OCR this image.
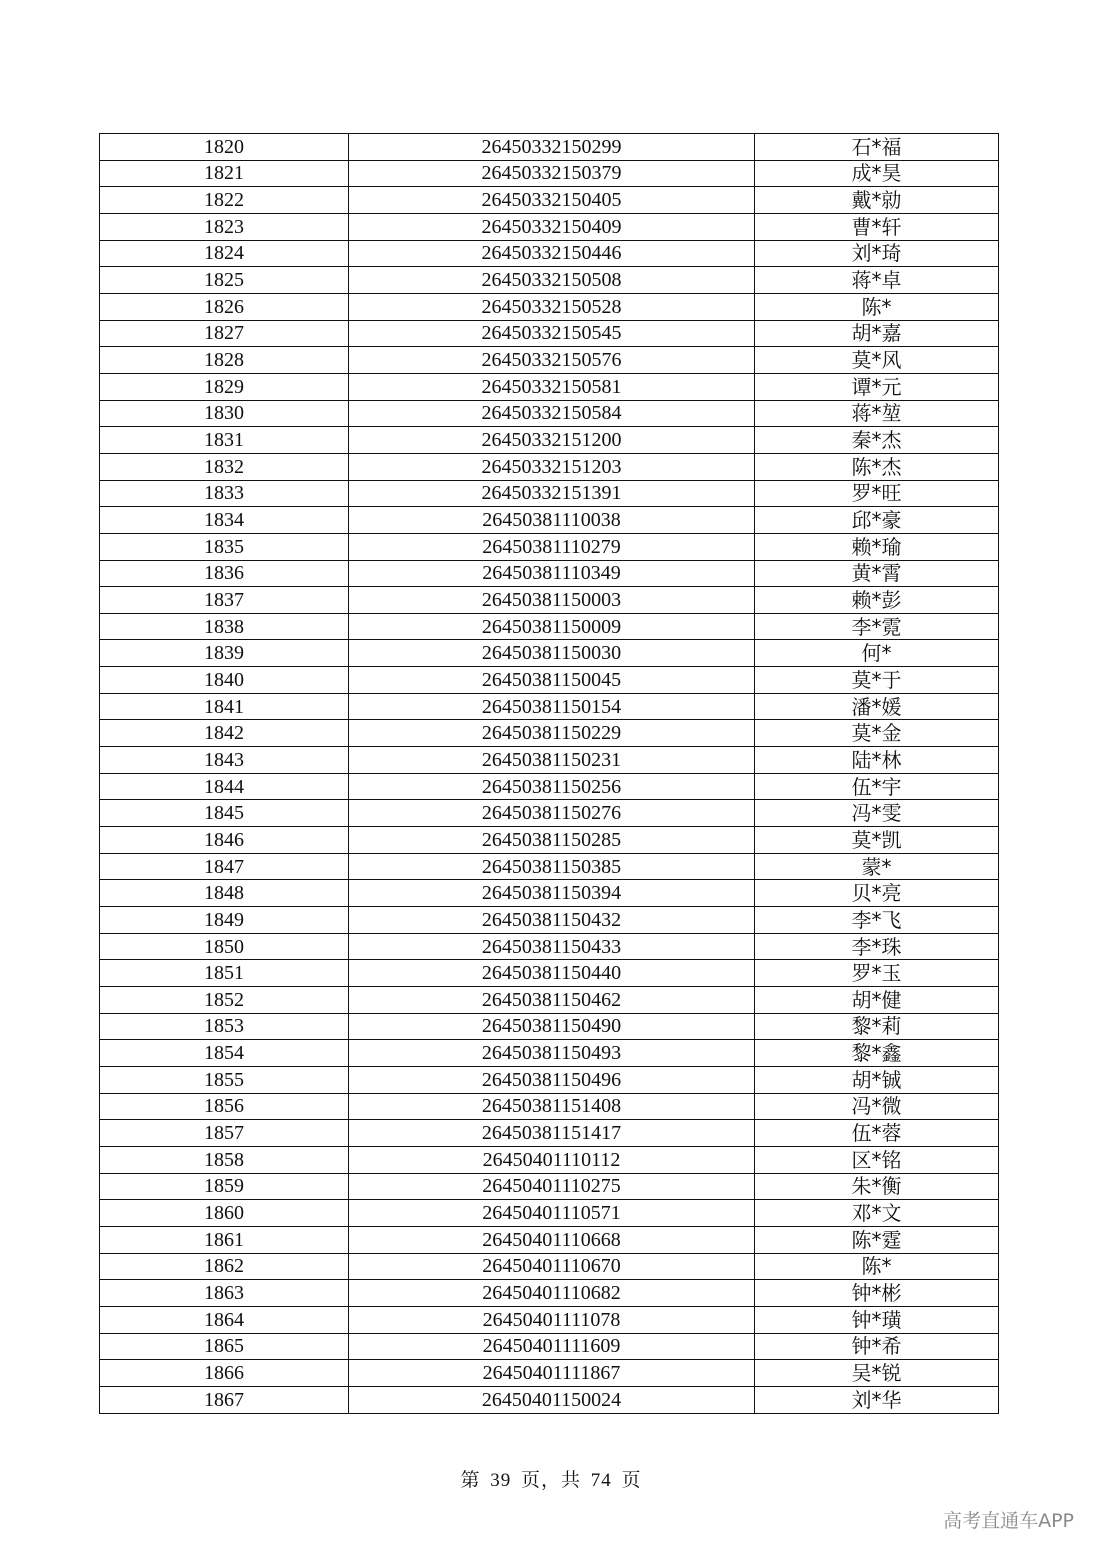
1820	26450332150299	石*福
1821	26450332150379	成*昊
1822	26450332150405	戴*勍
1823	26450332150409	曹*轩
1824	26450332150446	刘*琦
1825	26450332150508	蒋*卓
1826	26450332150528	陈*
1827	26450332150545	胡*嘉
1828	26450332150576	莫*风
1829	26450332150581	谭*元
1830	26450332150584	蒋*堃
1831	26450332151200	秦*杰
1832	26450332151203	陈*杰
1833	26450332151391	罗*旺
1834	26450381110038	邱*豪
1835	26450381110279	赖*瑜
1836	26450381110349	黄*霄
1837	26450381150003	赖*彭
1838	26450381150009	李*霓
1839	26450381150030	何*
1840	26450381150045	莫*于
1841	26450381150154	潘*媛
1842	26450381150229	莫*金
1843	26450381150231	陆*林
1844	26450381150256	伍*宇
1845	26450381150276	冯*雯
1846	26450381150285	莫*凯
1847	26450381150385	蒙*
1848	26450381150394	贝*亮
1849	26450381150432	李*飞
1850	26450381150433	李*珠
1851	26450381150440	罗*玉
1852	26450381150462	胡*健
1853	26450381150490	黎*莉
1854	26450381150493	黎*鑫
1855	26450381150496	胡*铖
1856	26450381151408	冯*微
1857	26450381151417	伍*蓉
1858	26450401110112	区*铭
1859	26450401110275	朱*衡
1860	26450401110571	邓*文
1861	26450401110668	陈*霆
1862	26450401110670	陈*
1863	26450401110682	钟*彬
1864	26450401111078	钟*璜
1865	26450401111609	钟*希
1866	26450401111867	吴*锐
1867	26450401150024	刘*华
第 39 页，共 74 页
高考直通车APP
